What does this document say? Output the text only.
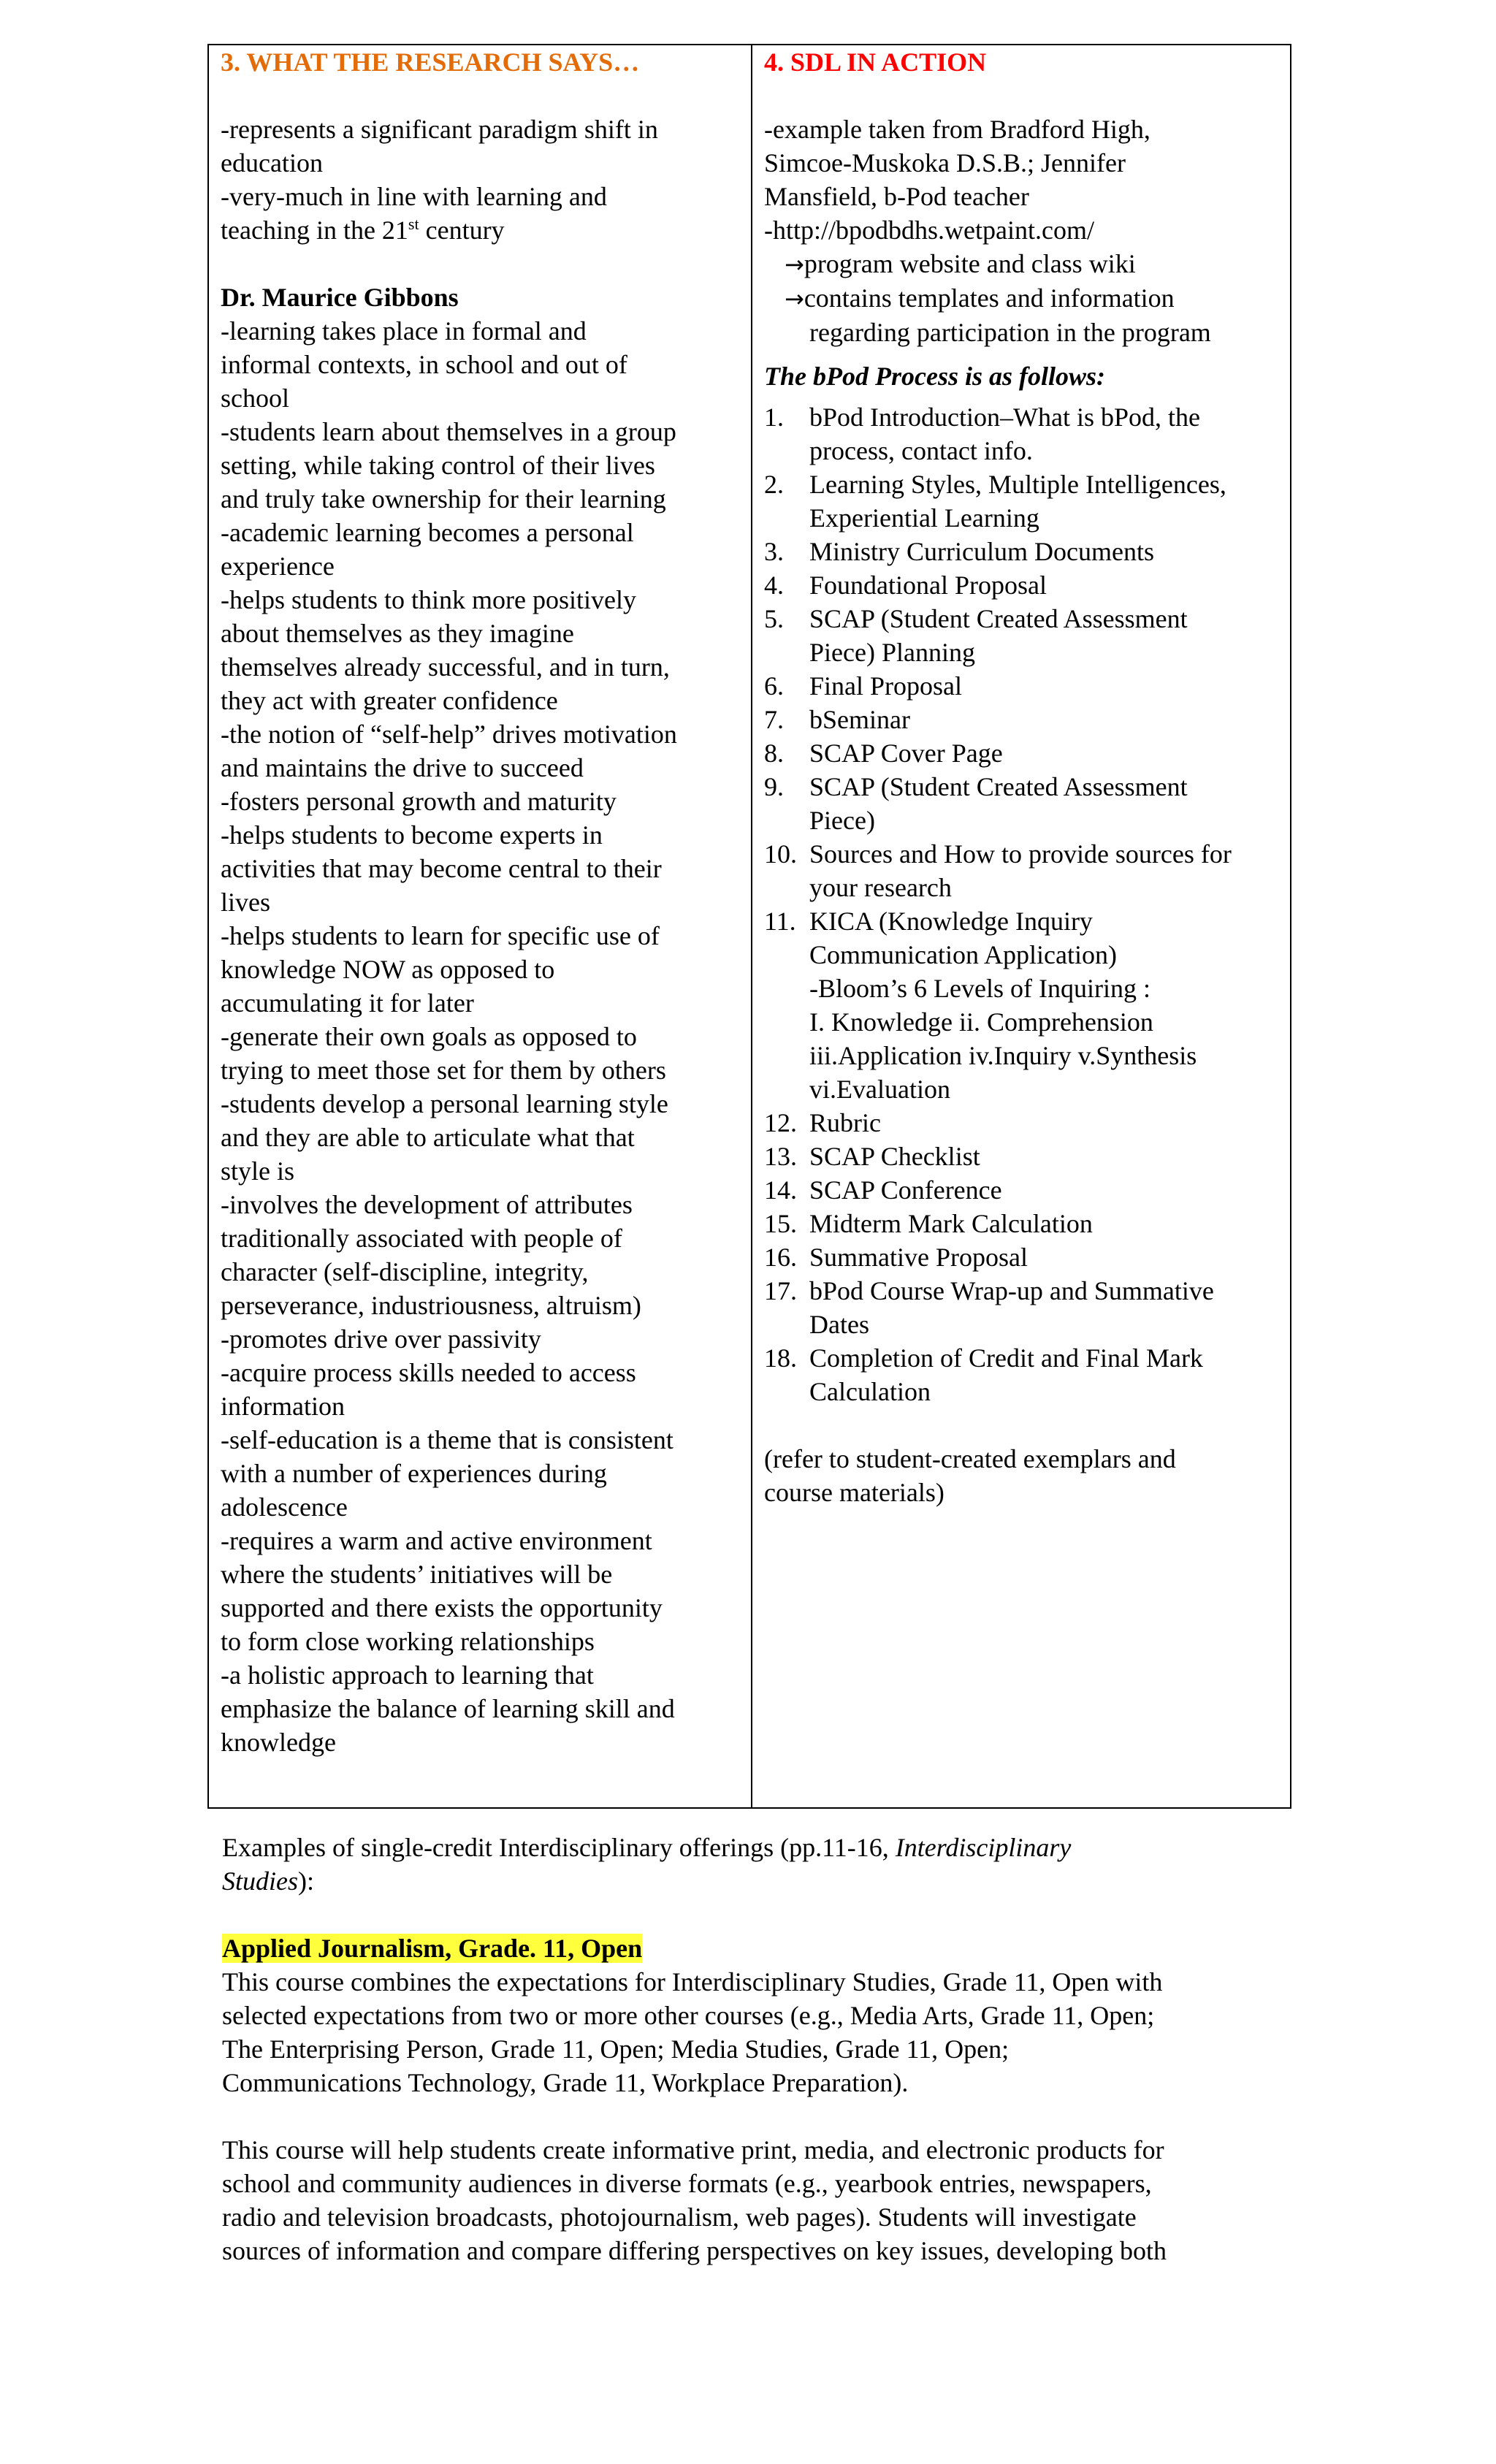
3. WHAT THE RESEARCH SAYS…

-represents a significant paradigm shift in

education

-very-much in line with learning and

teaching in the 21st century

Dr. Maurice Gibbons

-learning takes place in formal and

informal contexts, in school and out of

school

-students learn about themselves in a group

setting, while taking control of their lives

and truly take ownership for their learning

-academic learning becomes a personal

experience

-helps students to think more positively

about themselves as they imagine

themselves already successful, and in turn,

they act with greater confidence

-the notion of “self-help” drives motivation

and maintains the drive to succeed

-fosters personal growth and maturity

-helps students to become experts in

activities that may become central to their

lives

-helps students to learn for specific use of

knowledge NOW as opposed to

accumulating it for later

-generate their own goals as opposed to

trying to meet those set for them by others

-students develop a personal learning style

and they are able to articulate what that

style is

-involves the development of attributes

traditionally associated with people of

character (self-discipline, integrity,

perseverance, industriousness, altruism)

-promotes drive over passivity

-acquire process skills needed to access

information

-self-education is a theme that is consistent

with a number of experiences during

adolescence

-requires a warm and active environment

where the students’ initiatives will be

supported and there exists the opportunity

to form close working relationships

-a holistic approach to learning that

emphasize the balance of learning skill and

knowledge

4. SDL IN ACTION

-example taken from Bradford High,

Simcoe-Muskoka D.S.B.; Jennifer

Mansfield, b-Pod teacher

-http://bpodbdhs.wetpaint.com/

→program website and class wiki

→contains templates and information

regarding participation in the program

The bPod Process is as follows:

1. bPod Introduction–What is bPod, the
process, contact info.
2. Learning Styles, Multiple Intelligences,
Experiential Learning
3. Ministry Curriculum Documents
4. Foundational Proposal
5. SCAP (Student Created Assessment
Piece) Planning
6. Final Proposal
7. bSeminar
8. SCAP Cover Page
9. SCAP (Student Created Assessment
Piece)
10. Sources and How to provide sources for
your research
11. KICA (Knowledge Inquiry
Communication Application)
-Bloom’s 6 Levels of Inquiring :
I. Knowledge ii. Comprehension
iii.Application iv.Inquiry v.Synthesis
vi.Evaluation
12. Rubric
13. SCAP Checklist
14. SCAP Conference
15. Midterm Mark Calculation
16. Summative Proposal
17. bPod Course Wrap-up and Summative
Dates
18. Completion of Credit and Final Mark
Calculation

(refer to student-created exemplars and

course materials)

Examples of single-credit Interdisciplinary offerings (pp.11-16, Interdisciplinary

Studies):

Applied Journalism, Grade. 11, Open

This course combines the expectations for Interdisciplinary Studies, Grade 11, Open with

selected expectations from two or more other courses (e.g., Media Arts, Grade 11, Open;

The Enterprising Person, Grade 11, Open; Media Studies, Grade 11, Open;

Communications Technology, Grade 11, Workplace Preparation).

This course will help students create informative print, media, and electronic products for

school and community audiences in diverse formats (e.g., yearbook entries, newspapers,

radio and television broadcasts, photojournalism, web pages). Students will investigate

sources of information and compare differing perspectives on key issues, developing both
